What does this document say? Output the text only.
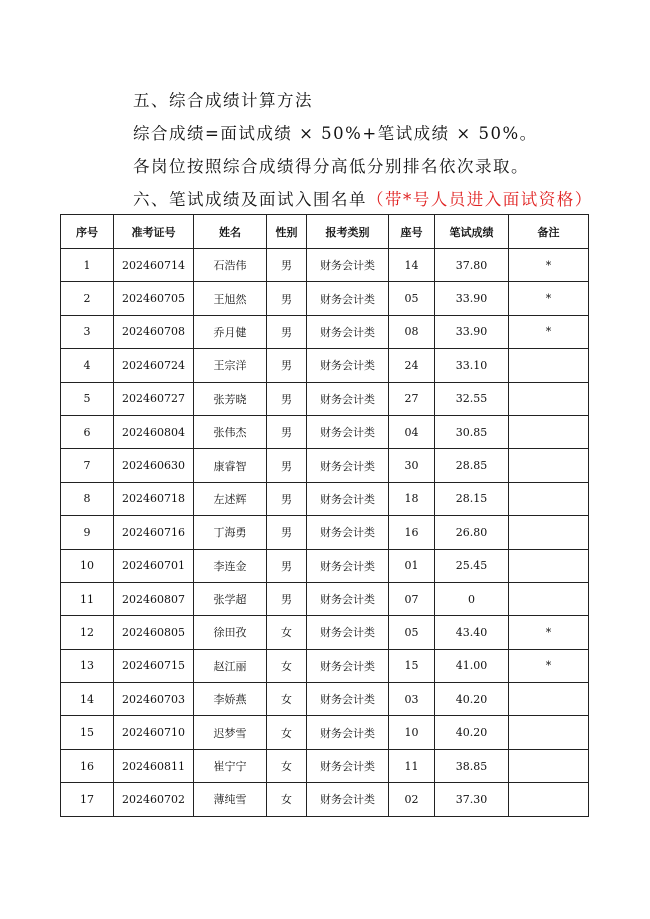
五、综合成绩计算方法
综合成绩=面试成绩 × 50%+笔试成绩 × 50%。
各岗位按照综合成绩得分高低分别排名依次录取。
六、笔试成绩及面试入围名单（带*号人员进入面试资格）
序号	准考证号	姓名	性别	报考类别	座号	笔试成绩	备注
1	202460714	石浩伟	男	财务会计类	14	37.80	*
2	202460705	王旭然	男	财务会计类	05	33.90	*
3	202460708	乔月健	男	财务会计类	08	33.90	*
4	202460724	王宗洋	男	财务会计类	24	33.10	
5	202460727	张芳晓	男	财务会计类	27	32.55	
6	202460804	张伟杰	男	财务会计类	04	30.85	
7	202460630	康睿智	男	财务会计类	30	28.85	
8	202460718	左述辉	男	财务会计类	18	28.15	
9	202460716	丁海勇	男	财务会计类	16	26.80	
10	202460701	李连金	男	财务会计类	01	25.45	
11	202460807	张学超	男	财务会计类	07	0	
12	202460805	徐田孜	女	财务会计类	05	43.40	*
13	202460715	赵江丽	女	财务会计类	15	41.00	*
14	202460703	李娇燕	女	财务会计类	03	40.20	
15	202460710	迟梦雪	女	财务会计类	10	40.20	
16	202460811	崔宁宁	女	财务会计类	11	38.85	
17	202460702	薄纯雪	女	财务会计类	02	37.30	
